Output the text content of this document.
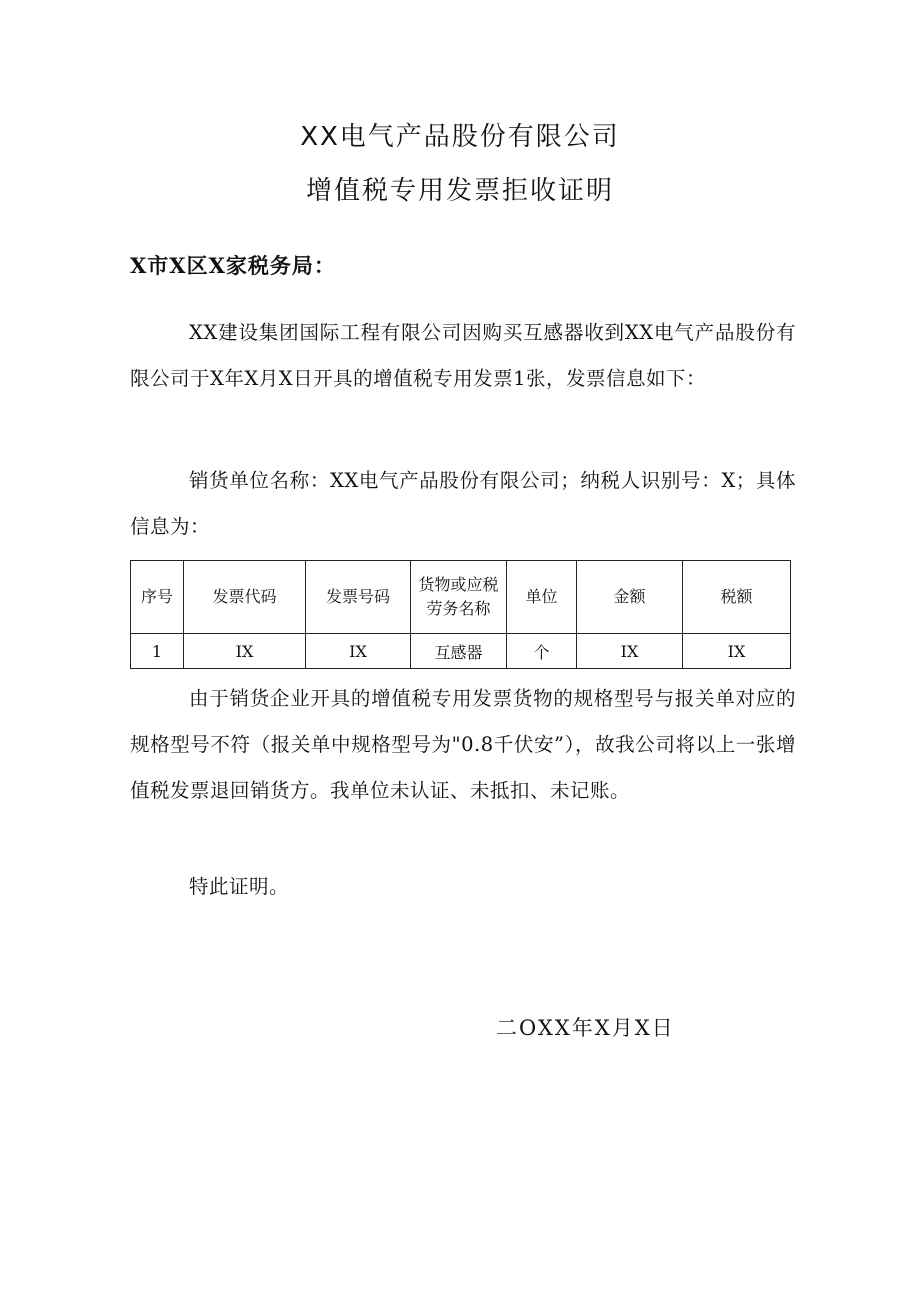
XX电气产品股份有限公司
增值税专用发票拒收证明
X市X区X家税务局：
XX建设集团国际工程有限公司因购买互感器收到XX电气产品股份有限公司于X年X月X日开具的增值税专用发票1张，发票信息如下：
销货单位名称：XX电气产品股份有限公司；纳税人识别号：X；具体信息为：
序号	发票代码	发票号码	货物或应税劳务名称	单位	金额	税额
1	IX	IX	互感器	个	IX	IX
由于销货企业开具的增值税专用发票货物的规格型号与报关单对应的规格型号不符（报关单中规格型号为"0.8千伏安”），故我公司将以上一张增值税发票退回销货方。我单位未认证、未抵扣、未记账。
特此证明。
二OXX年X月X日
